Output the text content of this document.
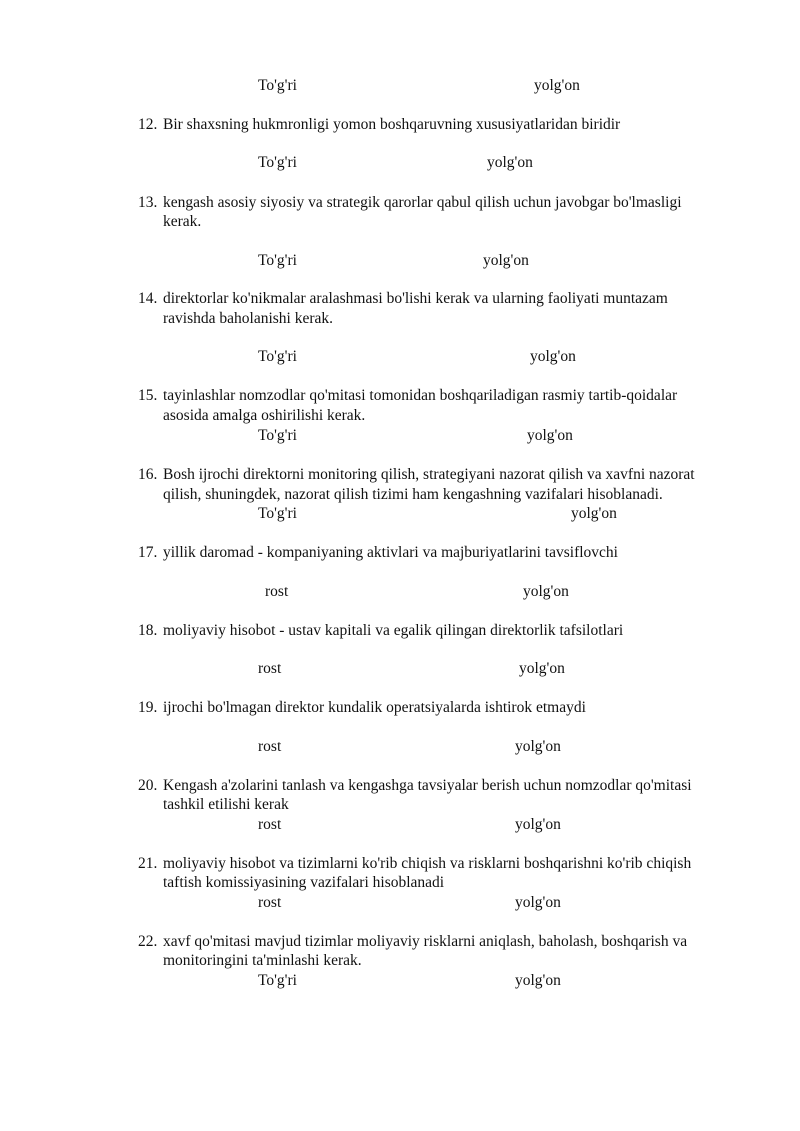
To'g'ri	yolg'on
12. Bir shaxsning hukmronligi yomon boshqaruvning xususiyatlaridan biridir
To'g'ri	yolg'on
13. kengash asosiy siyosiy va strategik qarorlar qabul qilish uchun javobgar bo'lmasligi
kerak.
To'g'ri	yolg'on
14. direktorlar ko'nikmalar aralashmasi bo'lishi kerak va ularning faoliyati muntazam
ravishda baholanishi kerak.
To'g'ri	yolg'on
15. tayinlashlar nomzodlar qo'mitasi tomonidan boshqariladigan rasmiy tartib-qoidalar
asosida amalga oshirilishi kerak.
To'g'ri	yolg'on
16. Bosh ijrochi direktorni monitoring qilish, strategiyani nazorat qilish va xavfni nazorat
qilish, shuningdek, nazorat qilish tizimi ham kengashning vazifalari hisoblanadi.
To'g'ri	yolg'on
17. yillik daromad - kompaniyaning aktivlari va majburiyatlarini tavsiflovchi
rost	yolg'on
18. moliyaviy hisobot - ustav kapitali va egalik qilingan direktorlik tafsilotlari
rost	yolg'on
19. ijrochi bo'lmagan direktor kundalik operatsiyalarda ishtirok etmaydi
rost	yolg'on
20. Kengash a'zolarini tanlash va kengashga tavsiyalar berish uchun nomzodlar qo'mitasi
tashkil etilishi kerak
rost	yolg'on
21. moliyaviy hisobot va tizimlarni ko'rib chiqish va risklarni boshqarishni ko'rib chiqish
taftish komissiyasining vazifalari hisoblanadi
rost	yolg'on
22. xavf qo'mitasi mavjud tizimlar moliyaviy risklarni aniqlash, baholash, boshqarish va
monitoringini ta'minlashi kerak.
To'g'ri	yolg'on
